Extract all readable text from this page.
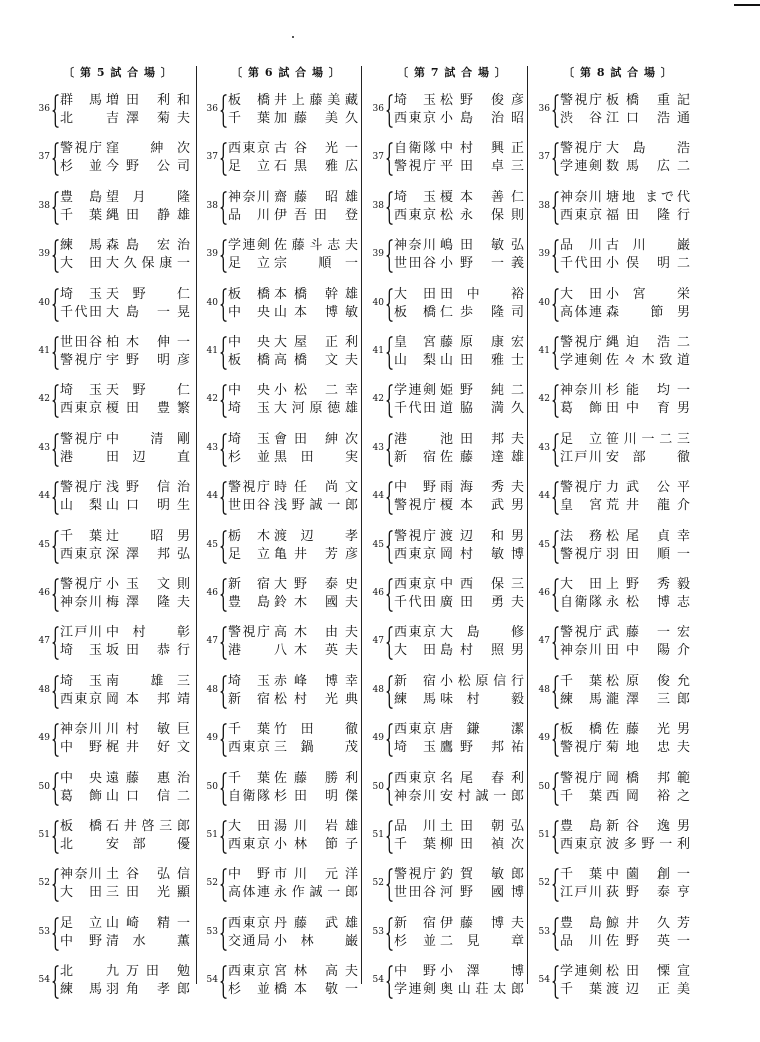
〔 第 5 試 合 場 〕
36
群 馬 増田 利和
北	吉澤 菊夫
37
警視庁 窪 紳次
杉 並 今野 公司
38
豊 島 望月 隆
千 葉 縄田 静雄
39
練 馬 森島 宏治
大 田 大久保康一
40
埼 玉 天野 仁
千代田 大島 一晃
41
世田谷 柏木 伸一
警視庁 宇野 明彦
42
埼 玉 天野 仁
西東京 榎田 豊繁
43
警視庁 中 清剛
港	田辺 直
44
警視庁 浅野 信治
山 梨 山口 明生
45
千 葉 辻 昭男
西東京 深澤 邦弘
46
警視庁 小玉 文則
神奈川 梅澤 隆夫
47
江戸川 中村 彰
埼 玉 坂田 恭行
48
埼玉 南 雄三
西東京 岡本 邦靖
49
神奈川 川村 敏巨
中 野 梶井 好文
50
中 央 遠藤 惠治
葛 飾 山口 信二
51
板 橋 石井啓三郎
北	安部 優
52
神奈川 土谷 弘信
大 田 三田 光顯
53
足 立 山崎 精一
中 野 清水 薫
54
北	九万田 勉
練 馬 羽角 孝郎
〔 第 6 試 合 場 〕
36
板 橋 井上藤美藏
千 葉 加藤 美久
37
西東京 古谷 光一
足 立 石黒 雅広
38
神奈川 齋藤 昭雄
品 川 伊吾田 登
39
学連剣 佐藤斗志夫
足 立 宗 順一
40
板 橋 本橋 幹雄
中 央 山本 博敏
41
中 央 大屋 正利
板 橋 高橋 文夫
42
中 央 小松 二幸
埼 玉 大河原徳雄
43
埼 玉 會田 紳次
杉 並 黒田 実
44
警視庁 時任 尚文
世田谷 浅野誠一郎
45
栃 木 渡辺 孝
足 立 亀井 芳彦
46
新 宿 大野 泰史
豊 島 鈴木 國夫
47
警視庁 高木 由夫
港	八木 英夫
48
埼 玉 赤峰 博幸
新 宿 松村 光典
49
千 葉 竹田 徹
西東京 三鍋 茂
50
千 葉 佐藤 勝利
自衛隊 杉田 明傑
51
大 田 湯川 岩雄
西東京 小林 節子
52
中 野 市川 元洋
高体連 永作誠一郎
53
西東京 丹藤 武雄
交通局 小林 巌
54
西東京 宮林 高夫
杉 並 橋本 敬一
〔 第 7 試 合 場 〕
36
埼 玉 松野 俊彦
西東京 小島 治昭
37
自衛隊 中村 興正
警視庁 平田 卓三
38
埼 玉 榎本 善仁
西東京 松永 保則
39
神奈川 嶋田 敏弘
世田谷 小野 一義
40
大 田 田中 裕
板 橋 仁歩 隆司
41
皇 宮 藤原 康宏
山 梨 山田 雅士
42
学連剣 姫野 純二
千代田 道脇 満久
43
港	池田 邦夫
新 宿 佐藤 達雄
44
中 野 雨海 秀夫
警視庁 榎本 武男
45
警視庁 渡辺 和男
西東京 岡村 敏博
46
西東京 中西 保三
千代田 廣田 勇夫
47
西東京 大島 修
大 田 島村 照男
48
新 宿 小松原信行
練 馬 味村 毅
49
西東京 唐鎌 潔
埼 玉 鷹野 邦祐
50
西東京 名尾 春利
神奈川 安村誠一郎
51
品 川 土田 朝弘
千 葉 柳田 禎次
52
警視庁 釣賀 敏郎
世田谷 河野 國博
53
新 宿 伊藤 博夫
杉 並 二見 章
54
中 野 小澤 博
学連剣 奥山荘太郎
〔 第 8 試 合 場 〕
36
警視庁 板橋 重記
渋 谷 江口 浩通
37
警視庁 大島 浩
学連剣 数馬 広二
38
神奈川 塘地 まで代
西東京 福田 隆行
39
品 川 古川 巌
千代田 小俣 明二
40
大 田 小宮 栄
高体連 森 節男
41
警視庁 縄迫 浩二
学連剣 佐々木致道
42
神奈川 杉能 均一
葛 飾 田中 育男
43
足 立 笹川一二三
江戸川 安部 徹
44
警視庁 力武 公平
皇 宮 荒井 龍介
45
法 務 松尾 貞幸
警視庁 羽田 順一
46
大 田 上野 秀毅
自衛隊 永松 博志
47
警視庁 武藤 一宏
神奈川 田中 陽介
48
千 葉 松原 俊允
練 馬 瀧澤 三郎
49
板 橋 佐藤 光男
警視庁 菊地 忠夫
50
警視庁 岡橋 邦範
千 葉 西岡 裕之
51
豊 島 新谷 逸男
西東京 波多野一利
52
千 葉 中薗 創一
江戸川 荻野 泰亨
53
豊 島 鯨井 久芳
品 川 佐野 英一
54
学連剣 松田 慄宣
千 葉 渡辺 正美
